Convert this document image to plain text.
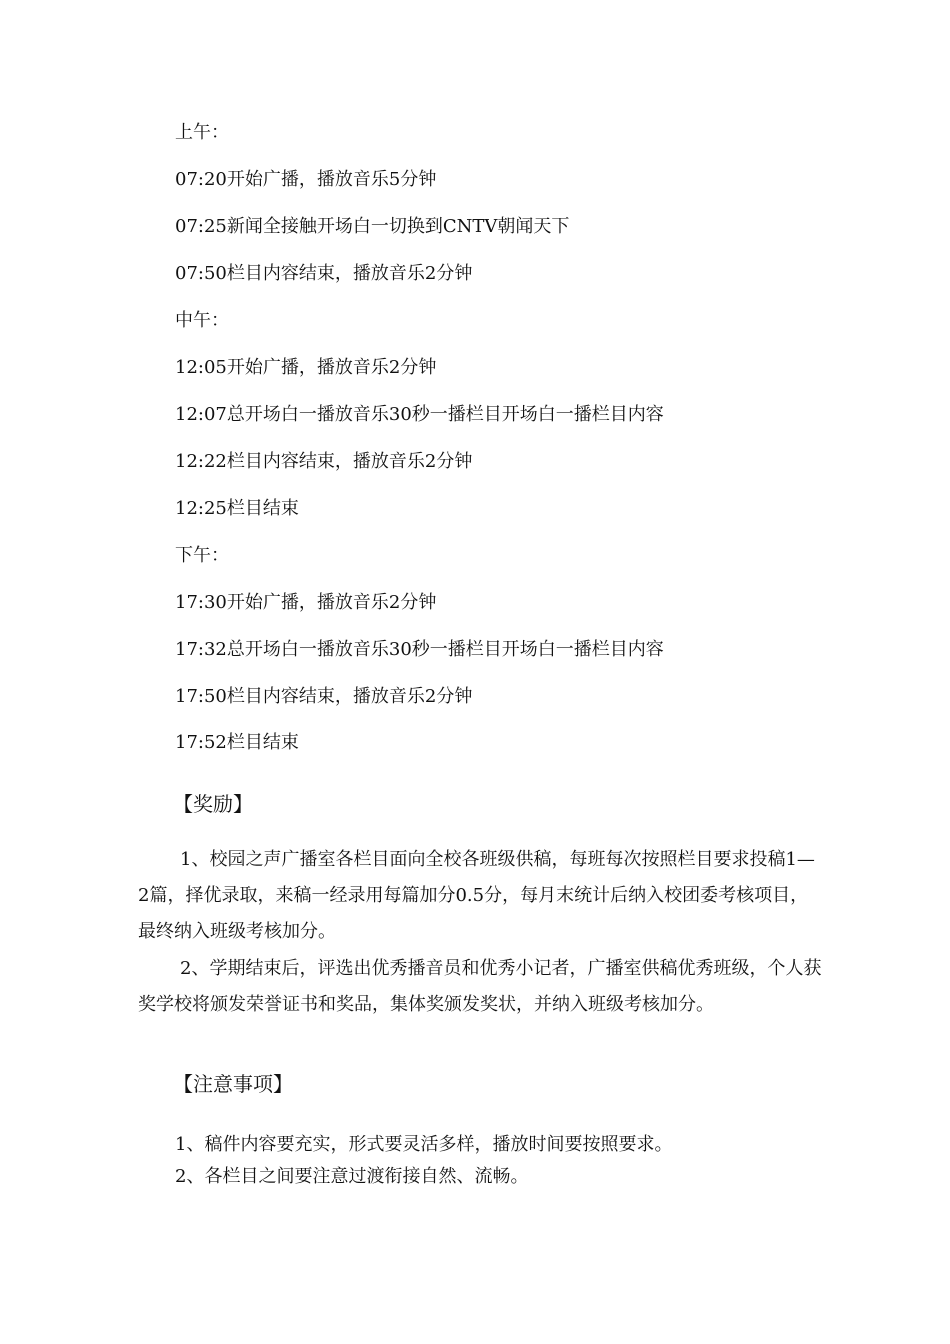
上午：
07:20开始广播，播放音乐5分钟
07:25新闻全接触开场白一切换到CNTV朝闻天下
07:50栏目内容结束，播放音乐2分钟
中午：
12:05开始广播，播放音乐2分钟
12:07总开场白一播放音乐30秒一播栏目开场白一播栏目内容
12:22栏目内容结束，播放音乐2分钟
12:25栏目结束
下午：
17:30开始广播，播放音乐2分钟
17:32总开场白一播放音乐30秒一播栏目开场白一播栏目内容
17:50栏目内容结束，播放音乐2分钟
17:52栏目结束
【奖励】
1、校园之声广播室各栏目面向全校各班级供稿，每班每次按照栏目要求投稿1—2篇，择优录取，来稿一经录用每篇加分0.5分，每月末统计后纳入校团委考核项目，最终纳入班级考核加分。
2、学期结束后，评选出优秀播音员和优秀小记者，广播室供稿优秀班级，个人获奖学校将颁发荣誉证书和奖品，集体奖颁发奖状，并纳入班级考核加分。
【注意事项】
1、稿件内容要充实，形式要灵活多样，播放时间要按照要求。
2、各栏目之间要注意过渡衔接自然、流畅。
